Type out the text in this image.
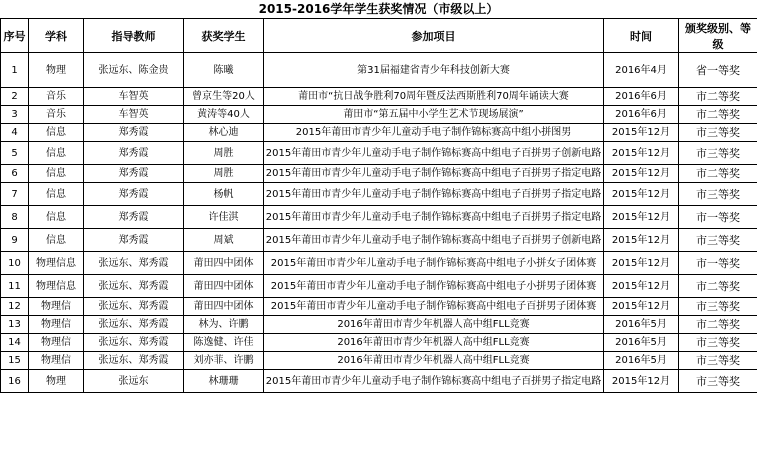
2015-2016学年学生获奖情况（市级以上）
序号	学科	指导教师	获奖学生	参加项目	时间	颁奖级别、等级
1	物理	张远东、陈金贵	陈曦	第31届福建省青少年科技创新大赛	2016年4月	省一等奖
2	音乐	车智英	曾京生等20人	莆田市“抗日战争胜利70周年暨反法西斯胜利70周年诵读大赛	2016年6月	市二等奖
3	音乐	车智英	黄涛等40人	莆田市“第五届中小学生艺术节现场展演”	2016年6月	市二等奖
4	信息	郑秀霞	林心迪	2015年莆田市青少年儿童动手电子制作锦标赛高中组小拼图男	2015年12月	市三等奖
5	信息	郑秀霞	周胜	2015年莆田市青少年儿童动手电子制作锦标赛高中组电子百拼男子创新电路	2015年12月	市三等奖
6	信息	郑秀霞	周胜	2015年莆田市青少年儿童动手电子制作锦标赛高中组电子百拼男子指定电路	2015年12月	市二等奖
7	信息	郑秀霞	杨帆	2015年莆田市青少年儿童动手电子制作锦标赛高中组电子百拼男子指定电路	2015年12月	市三等奖
8	信息	郑秀霞	许佳淇	2015年莆田市青少年儿童动手电子制作锦标赛高中组电子百拼男子指定电路	2015年12月	市一等奖
9	信息	郑秀霞	周斌	2015年莆田市青少年儿童动手电子制作锦标赛高中组电子百拼男子创新电路	2015年12月	市三等奖
10	物理信息	张远东、郑秀霞	莆田四中团体	2015年莆田市青少年儿童动手电子制作锦标赛高中组电子小拼女子团体赛	2015年12月	市一等奖
11	物理信息	张远东、郑秀霞	莆田四中团体	2015年莆田市青少年儿童动手电子制作锦标赛高中组电子小拼男子团体赛	2015年12月	市二等奖
12	物理信	张远东、郑秀霞	莆田四中团体	2015年莆田市青少年儿童动手电子制作锦标赛高中组电子百拼男子团体赛	2015年12月	市三等奖
13	物理信	张远东、郑秀霞	林为、许鹏	2016年莆田市青少年机器人高中组FLL竞赛	2016年5月	市二等奖
14	物理信	张远东、郑秀霞	陈逸健、许佳	2016年莆田市青少年机器人高中组FLL竞赛	2016年5月	市三等奖
15	物理信	张远东、郑秀霞	刘亦菲、许鹏	2016年莆田市青少年机器人高中组FLL竞赛	2016年5月	市三等奖
16	物理	张远东	林珊珊	2015年莆田市青少年儿童动手电子制作锦标赛高中组电子百拼男子指定电路	2015年12月	市三等奖
